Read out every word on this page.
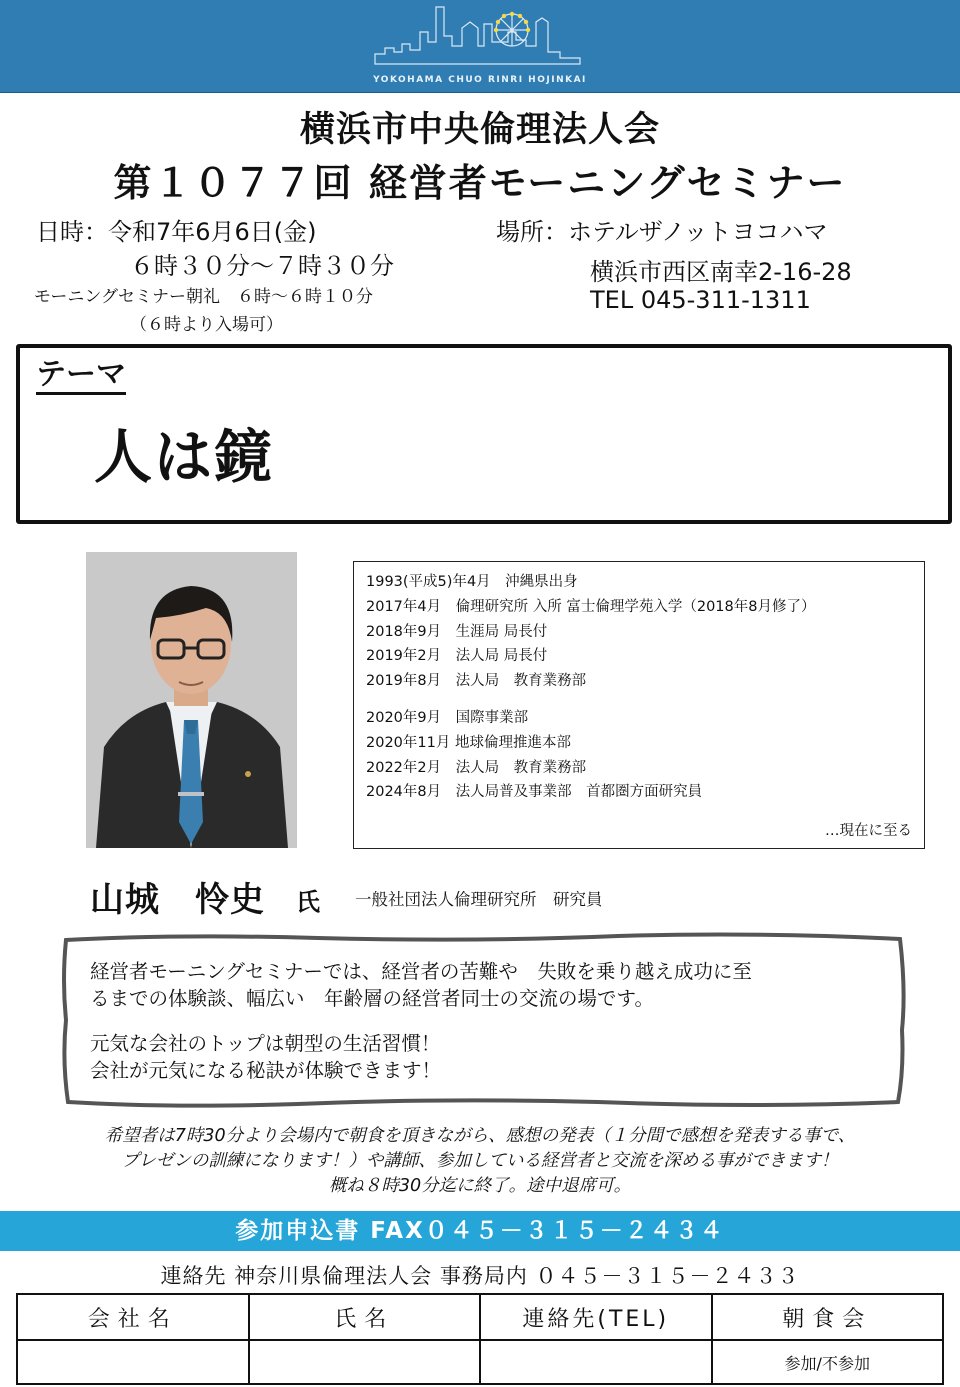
YOKOHAMA CHUO RINRI HOJINKAI
横浜市中央倫理法人会
第１０７７回 経営者モーニングセミナー
日時：令和7年6月6日(金)
６時３０分～７時３０分
モーニングセミナー朝礼　６時～６時１０分
（６時より入場可）
場所：ホテルザノットヨコハマ
横浜市西区南幸2-16-28
TEL 045-311-1311
テーマ
人は鏡
1993(平成5)年4月　沖縄県出身
2017年4月　倫理研究所 入所 富士倫理学苑入学（2018年8月修了）
2018年9月　生涯局 局長付
2019年2月　法人局 局長付
2019年8月　法人局　教育業務部
2020年9月　国際事業部
2020年11月 地球倫理推進本部
2022年2月　法人局　教育業務部
2024年8月　法人局普及事業部　首都圏方面研究員
…現在に至る
山城　怜史 氏 一般社団法人倫理研究所　研究員
経営者モーニングセミナーでは、経営者の苦難や　失敗を乗り越え成功に至
るまでの体験談、幅広い　年齢層の経営者同士の交流の場です。
元気な会社のトップは朝型の生活習慣！
会社が元気になる秘訣が体験できます！
希望者は7時30分より会場内で朝食を頂きながら、感想の発表（１分間で感想を発表する事で、
プレゼンの訓練になります！）や講師、参加している経営者と交流を深める事ができます！
概ね８時30分迄に終了。途中退席可。
参加申込書 FAX０４５－３１５－２４３４
連絡先 神奈川県倫理法人会 事務局内 ０４５－３１５－２４３３
会社名	氏名	連絡先(TEL)	朝食会
			参加/不参加
